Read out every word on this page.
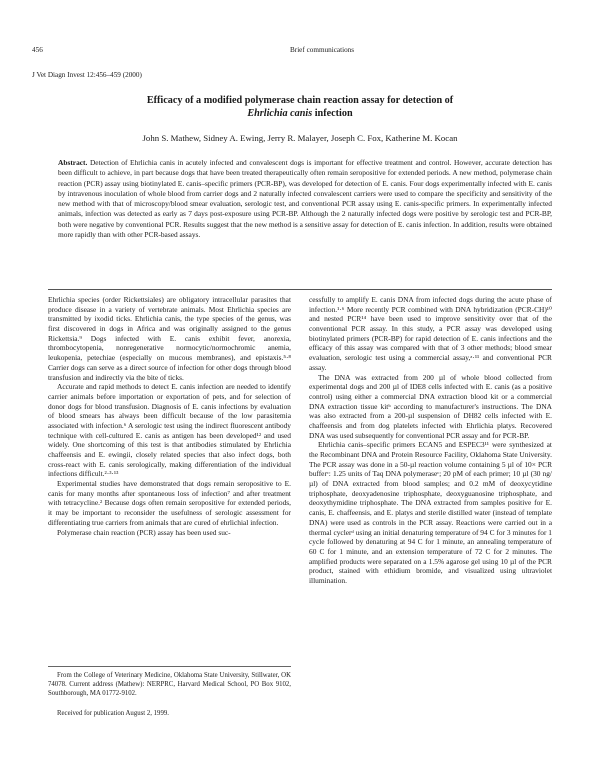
456	Brief communications
J Vet Diagn Invest 12:456–459 (2000)
Efficacy of a modified polymerase chain reaction assay for detection of
Ehrlichia canis infection
John S. Mathew, Sidney A. Ewing, Jerry R. Malayer, Joseph C. Fox, Katherine M. Kocan

Abstract. Detection of Ehrlichia canis in acutely infected and convalescent dogs is important for effective treatment and control. However, accurate detection has been difficult to achieve, in part because dogs that have been treated therapeutically often remain seropositive for extended periods. A new method, polymerase chain reaction (PCR) assay using biotinylated E. canis–specific primers (PCR-BP), was developed for detection of E. canis. Four dogs experimentally infected with E. canis by intravenous inoculation of whole blood from carrier dogs and 2 naturally infected convalescent carriers were used to compare the specificity and sensitivity of the new method with that of microscopy/blood smear evaluation, serologic test, and conventional PCR assay using E. canis-specific primers. In experimentally infected animals, infection was detected as early as 7 days post-exposure using PCR-BP. Although the 2 naturally infected dogs were positive by serologic test and PCR-BP, both were negative by conventional PCR. Results suggest that the new method is a sensitive assay for detection of E. canis infection. In addition, results were obtained more rapidly than with other PCR-based assays.

Ehrlichia species (order Rickettsiales) are obligatory intracellular parasites that produce disease in a variety of vertebrate animals. Most Ehrlichia species are transmitted by ixodid ticks. Ehrlichia canis, the type species of the genus, was first discovered in dogs in Africa and was originally assigned to the genus Rickettsia.⁹ Dogs infected with E. canis exhibit fever, anorexia, thrombocytopenia, nonregenerative normocytic/normochromic anemia, leukopenia, petechiae (especially on mucous membranes), and epistaxis.⁵·⁸ Carrier dogs can serve as a direct source of infection for other dogs through blood transfusion and indirectly via the bite of ticks.

Accurate and rapid methods to detect E. canis infection are needed to identify carrier animals before importation or exportation of pets, and for selection of donor dogs for blood transfusion. Diagnosis of E. canis infections by evaluation of blood smears has always been difficult because of the low parasitemia associated with infection.⁶ A serologic test using the indirect fluorescent antibody technique with cell-cultured E. canis as antigen has been developed¹² and used widely. One shortcoming of this test is that antibodies stimulated by Ehrlichia chaffeensis and E. ewingii, closely related species that also infect dogs, both cross-react with E. canis serologically, making differentiation of the individual infections difficult.²·³·¹³

Experimental studies have demonstrated that dogs remain seropositive to E. canis for many months after spontaneous loss of infection⁷ and after treatment with tetracycline.² Because dogs often remain seropositive for extended periods, it may be important to reconsider the usefulness of serologic assessment for differentiating true carriers from animals that are cured of ehrlichial infection.

Polymerase chain reaction (PCR) assay has been used suc-

From the College of Veterinary Medicine, Oklahoma State University, Stillwater, OK 74078. Current address (Mathew): NERPRC, Harvard Medical School, PO Box 9102, Southborough, MA 01772-9102.

Received for publication August 2, 1999.

cessfully to amplify E. canis DNA from infected dogs during the acute phase of infection.¹·⁶ More recently PCR combined with DNA hybridization (PCR-CH)¹⁰ and nested PCR¹⁴ have been used to improve sensitivity over that of the conventional PCR assay. In this study, a PCR assay was developed using biotinylated primers (PCR-BP) for rapid detection of E. canis infections and the efficacy of this assay was compared with that of 3 other methods; blood smear evaluation, serologic test using a commercial assay,ᵃ·¹¹ and conventional PCR assay.

The DNA was extracted from 200 µl of whole blood collected from experimental dogs and 200 µl of IDE8 cells infected with E. canis (as a positive control) using either a commercial DNA extraction blood kit or a commercial DNA extraction tissue kitᵇ according to manufacturer's instructions. The DNA was also extracted from a 200-µl suspension of DH82 cells infected with E. chaffeensis and from dog platelets infected with Ehrlichia platys. Recovered DNA was used subsequently for conventional PCR assay and for PCR-BP.

Ehrlichia canis–specific primers ECAN5 and ESPEC3¹¹ were synthesized at the Recombinant DNA and Protein Resource Facility, Oklahoma State University. The PCR assay was done in a 50-µl reaction volume containing 5 µl of 10× PCR bufferᶜ: 1.25 units of Taq DNA polymeraseᶜ; 20 pM of each primer; 10 µl (30 ng/µl) of DNA extracted from blood samples; and 0.2 mM of deoxycytidine triphosphate, deoxyadenosine triphosphate, deoxyguanosine triphosphate, and deoxythymidine triphosphate. The DNA extracted from samples positive for E. canis, E. chaffeensis, and E. platys and sterile distilled water (instead of template DNA) were used as controls in the PCR assay. Reactions were carried out in a thermal cyclerᵈ using an initial denaturing temperature of 94 C for 3 minutes for 1 cycle followed by denaturing at 94 C for 1 minute, an annealing temperature of 60 C for 1 minute, and an extension temperature of 72 C for 2 minutes. The amplified products were separated on a 1.5% agarose gel using 10 µl of the PCR product, stained with ethidium bromide, and visualized using ultraviolet illumination.
